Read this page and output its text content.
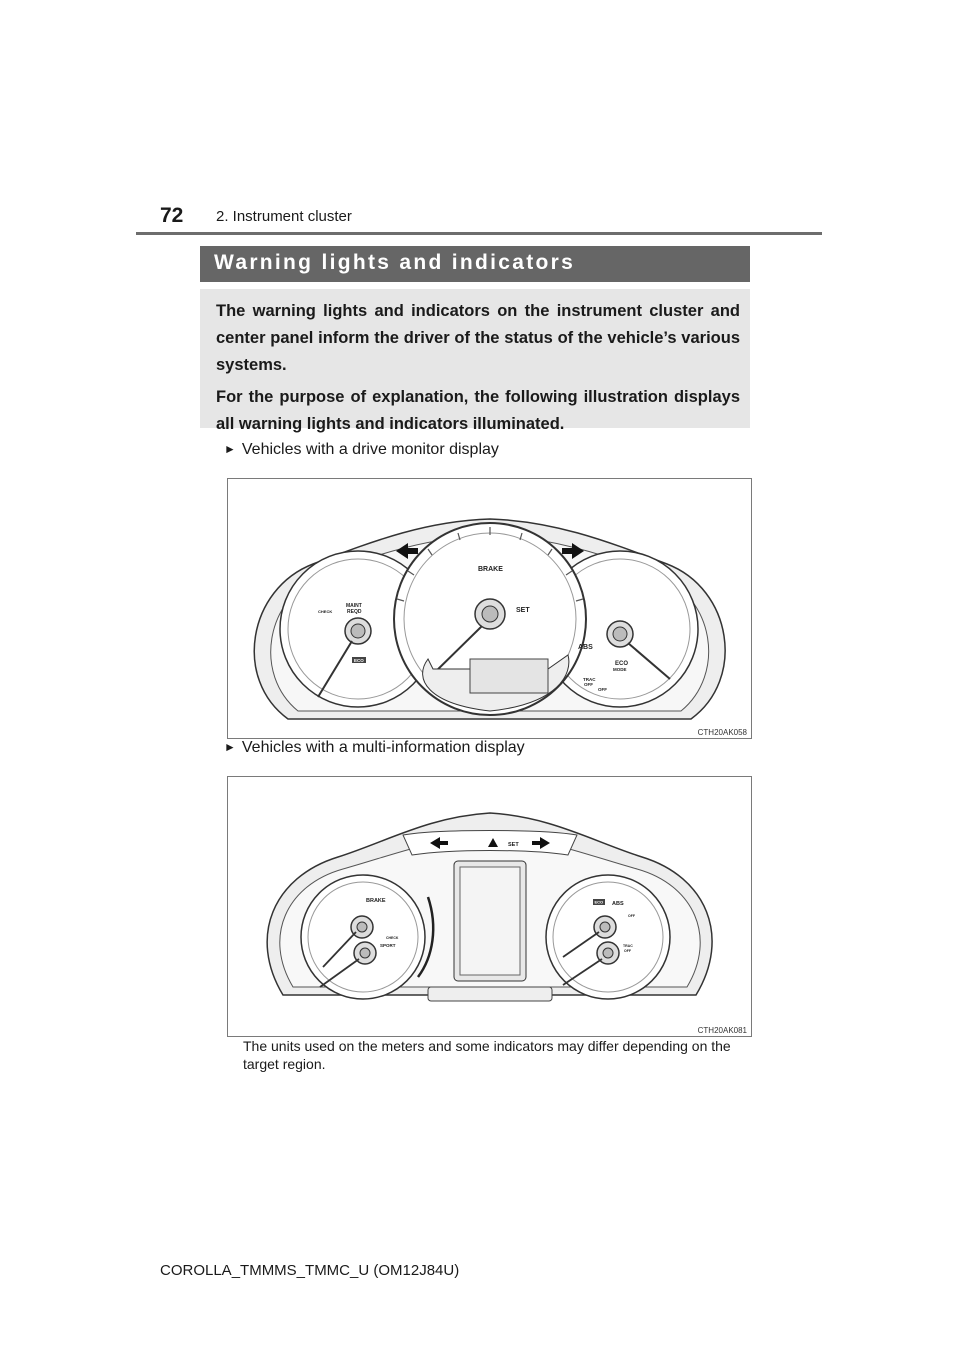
72 2. Instrument cluster
Warning lights and indicators

The warning lights and indicators on the instrument cluster and center panel inform the driver of the status of the vehicle’s various systems.

For the purpose of explanation, the following illustration displays all warning lights and indicators illuminated.

► Vehicles with a drive monitor display
BRAKE
SET
MAINT
REQD
CHECK
ABS
ECO
MODE
TRAC
OFF
OFF
ECO
CTH20AK058
► Vehicles with a multi-information display
SET
BRAKE
CHECK
SPORT
ABS
OFF
TRAC
OFF
ECO
CTH20AK081
The units used on the meters and some indicators may differ depending on the target region.
COROLLA_TMMMS_TMMC_U (OM12J84U)
